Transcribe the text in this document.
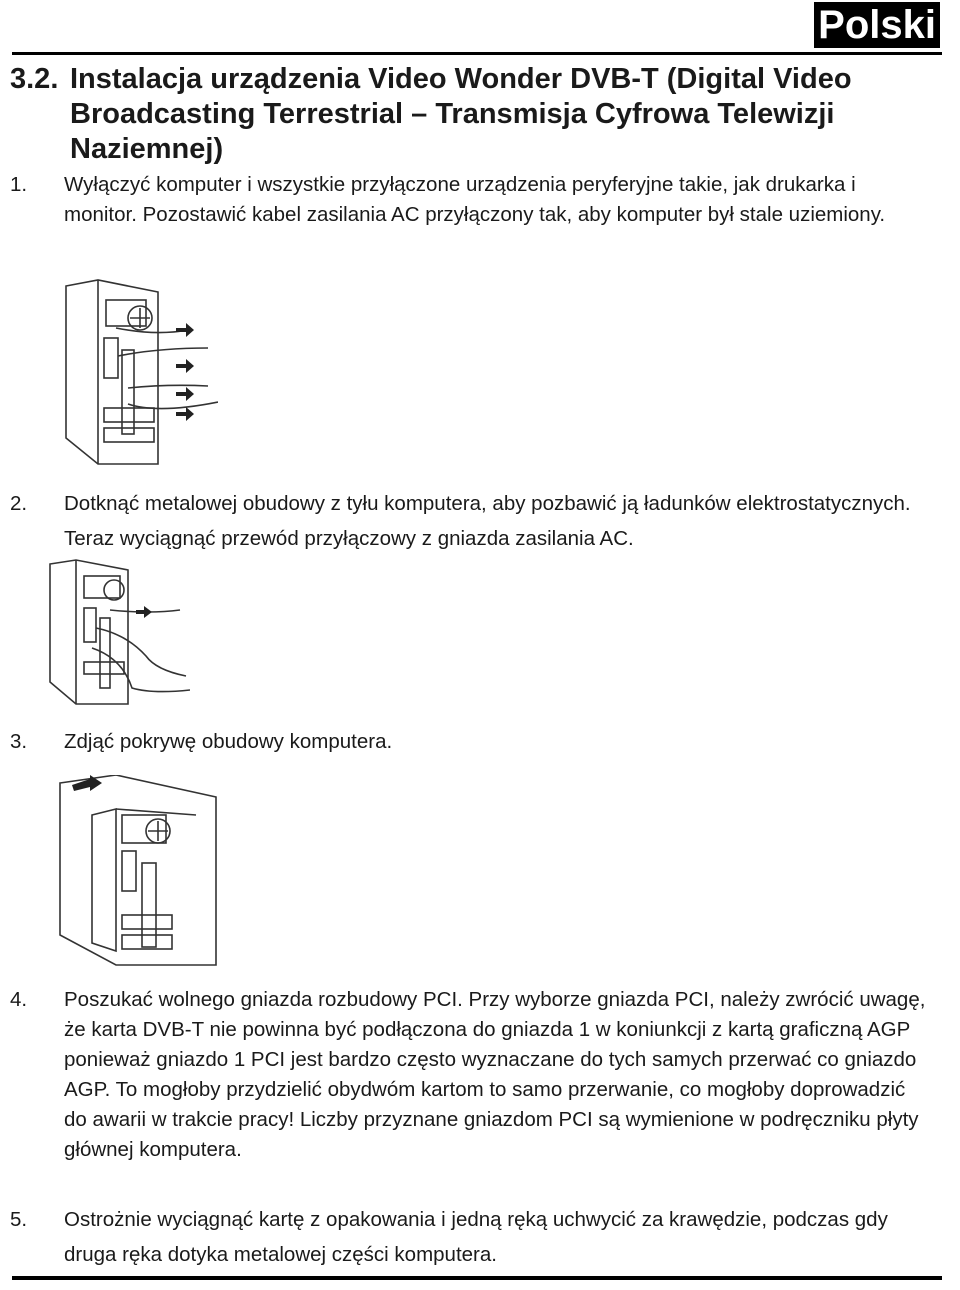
Polski
3.2. Instalacja urządzenia Video Wonder DVB-T (Digital Video Broadcasting Terrestrial – Transmisja Cyfrowa Telewizji Naziemnej)
1. Wyłączyć komputer i wszystkie przyłączone urządzenia peryferyjne takie, jak drukarka i monitor. Pozostawić kabel zasilania AC przyłączony tak, aby komputer był stale uziemiony.
2. Dotknąć metalowej obudowy z tyłu komputera, aby pozbawić ją ładunków elektrostatycznych. Teraz wyciągnąć przewód przyłączowy z gniazda zasilania AC.
3. Zdjąć pokrywę obudowy komputera.
4. Poszukać wolnego gniazda rozbudowy PCI. Przy wyborze gniazda PCI, należy zwrócić uwagę, że karta DVB-T nie powinna być podłączona do gniazda 1 w koniunkcji z kartą graficzną AGP ponieważ gniazdo 1 PCI jest bardzo często wyznaczane do tych samych przerwać co gniazdo AGP. To mogłoby przydzielić obydwóm kartom to samo przerwanie, co mogłoby doprowadzić do awarii w trakcie pracy! Liczby przyznane gniazdom PCI są wymienione w podręczniku płyty głównej komputera.
5. Ostrożnie wyciągnąć kartę z opakowania i jedną ręką uchwycić za krawędzie, podczas gdy druga ręka dotyka metalowej części komputera.
